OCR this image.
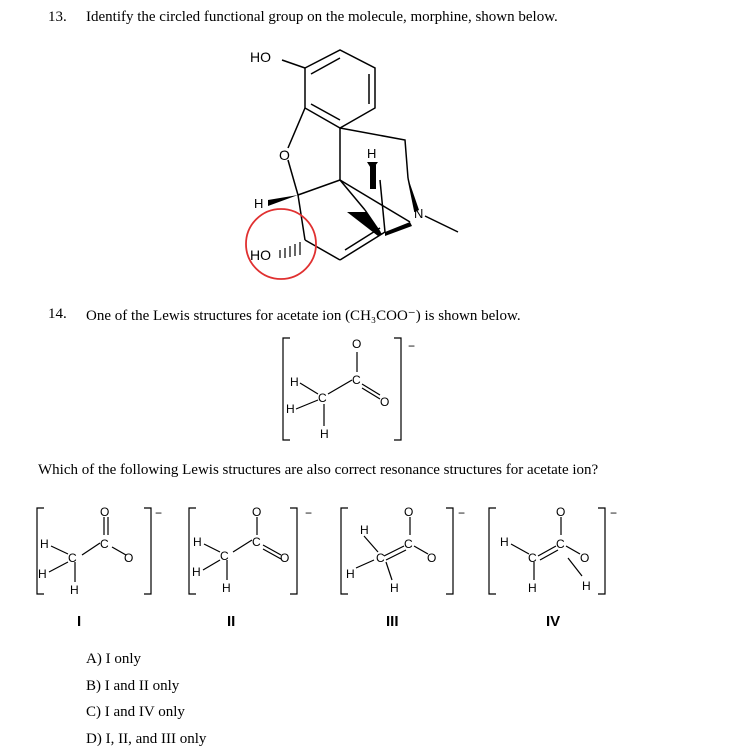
13. Identify the circled functional group on the molecule, morphine, shown below.
HO
O	H
H
N
HO
14. One of the Lewis structures for acetate ion (CH₃COO⁻) is shown below.
−
H
H
C
H
C
O
O
Which of the following Lewis structures are also correct resonance structures for acetate ion?
−
H
H
C
H
C
O
O
−
H
H
C
H
C
O
O
−
H
H
C
H
C
O
O
−
H
C
H
C
O
O
H
I	II	III	IV
A) I only
B) I and II only
C) I and IV only
D) I, II, and III only
